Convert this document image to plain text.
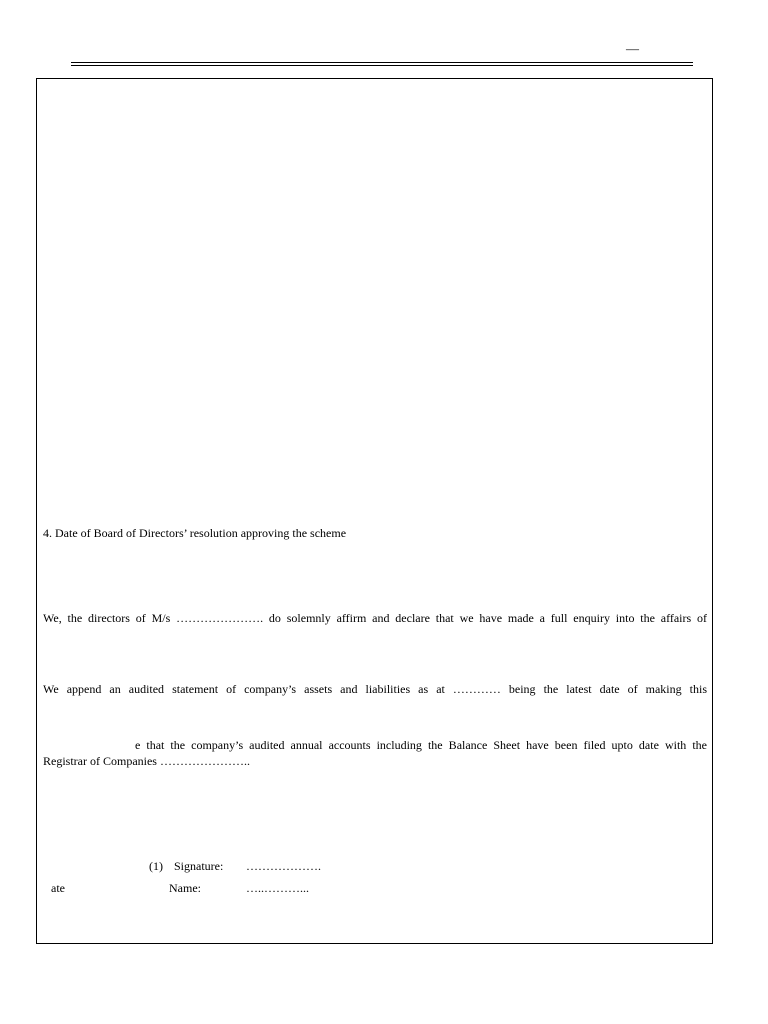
—
4. Date of Board of Directors’ resolution approving the scheme
We, the directors of M/s …………………. do solemnly affirm and declare that we have made a full enquiry into the affairs of
We append an audited statement of company’s assets and liabilities as at ………… being the latest date of making this
e that the company’s audited annual accounts including the Balance Sheet have been filed upto date with the
Registrar of Companies …………………..
(1) Signature: ……………….
ate	Name:	…..………...
